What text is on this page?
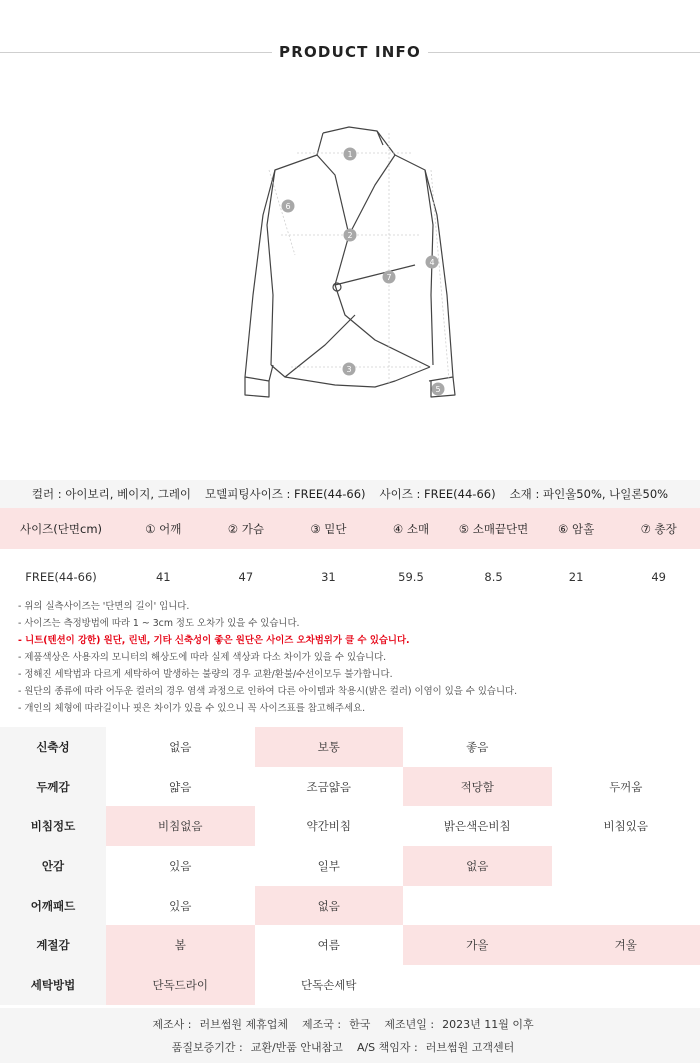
PRODUCT INFO
1
2
3
4
5
6
7
컬러 : 아이보리, 베이지, 그레이 모델피팅사이즈 : FREE(44-66) 사이즈 : FREE(44-66) 소재 : 파인울50%, 나일론50%
사이즈(단면cm)	① 어깨	② 가슴	③ 밑단	④ 소매	⑤ 소매끝단면	⑥ 암홀	⑦ 총장
FREE(44-66)	41	47	31	59.5	8.5	21	49
- 위의 실측사이즈는 '단면의 길이' 입니다.
- 사이즈는 측정방법에 따라 1 ~ 3cm 정도 오차가 있을 수 있습니다.
- 니트(텐션이 강한) 원단, 린넨, 기타 신축성이 좋은 원단은 사이즈 오차범위가 클 수 있습니다.
- 제품색상은 사용자의 모니터의 해상도에 따라 실제 색상과 다소 차이가 있을 수 있습니다.
- 정해진 세탁법과 다르게 세탁하여 발생하는 불량의 경우 교환/환불/수선이모두 불가합니다.
- 원단의 종류에 따라 어두운 컬러의 경우 염색 과정으로 인하여 다른 아이템과 착용시(밝은 컬러) 이염이 있을 수 있습니다.
- 개인의 체형에 따라길이나 핏은 차이가 있을 수 있으니 꼭 사이즈표를 참고해주세요.
신축성	없음	보통	좋음	
두께감	얇음	조금얇음	적당함	두꺼움
비침정도	비침없음	약간비침	밝은색은비침	비침있음
안감	있음	일부	없음	
어깨패드	있음	없음		
계절감	봄	여름	가을	겨울
세탁방법	단독드라이	단독손세탁		
제조사 : 러브썸원 제휴업체 제조국 : 한국 제조년일 : 2023년 11월 이후
품질보증기간 : 교환/반품 안내참고 A/S 책임자 : 러브썸원 고객센터
